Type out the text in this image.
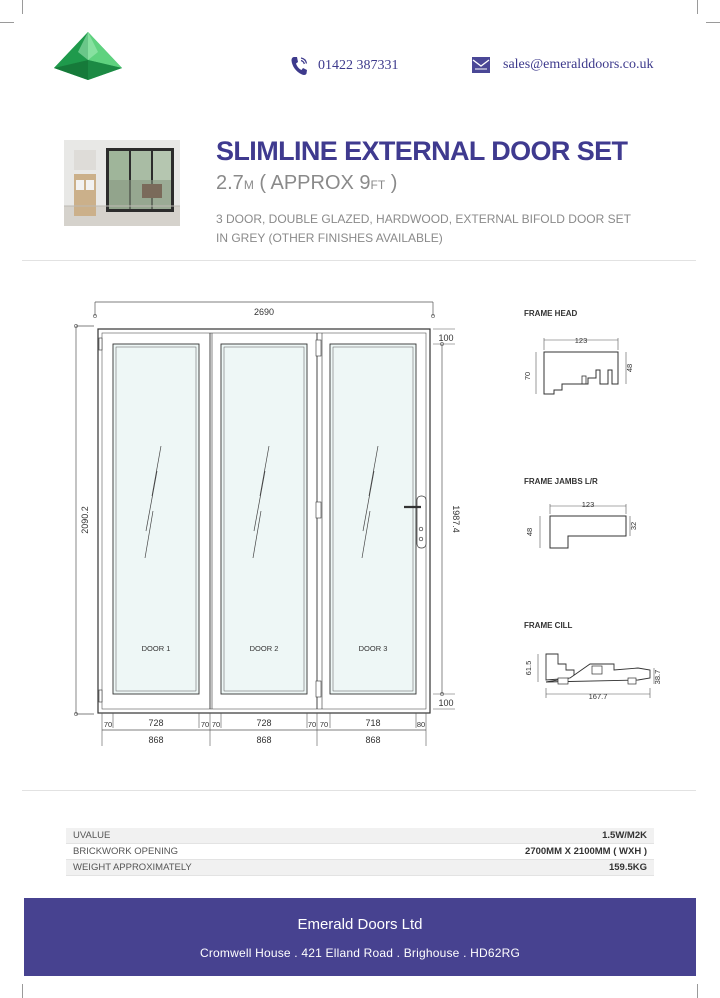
01422 387331	sales@emeralddoors.co.uk
SLIMLINE EXTERNAL DOOR SET
2.7M ( APPROX 9FT )
3 DOOR, DOUBLE GLAZED, HARDWOOD, EXTERNAL BIFOLD DOOR SET IN GREY (OTHER FINISHES AVAILABLE)
2690
2090.2
DOOR 1	DOOR 2	DOOR 3
100
100
1987.4
70	728	70 70	728	70 70	718	80
868	868	868
FRAME HEAD
FRAME JAMBS L/R
FRAME CILL
123
70
48
123
48
32
61.5
38.7
167.7
UVALUE	1.5W/M2K
BRICKWORK OPENING	2700MM X 2100MM ( WXH )
WEIGHT APPROXIMATELY	159.5KG
Emerald Doors Ltd
Cromwell House . 421 Elland Road . Brighouse . HD62RG
